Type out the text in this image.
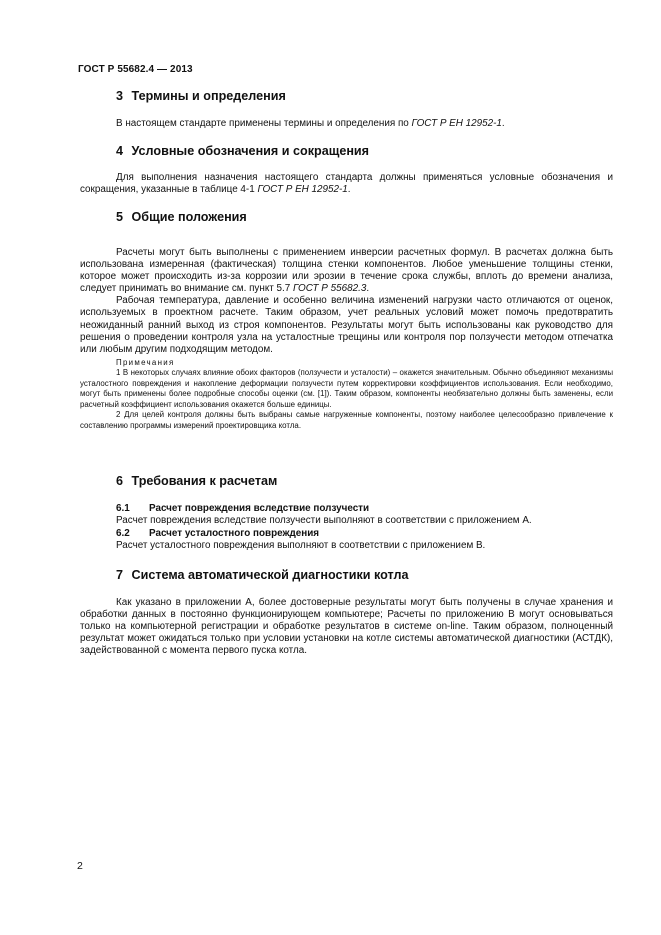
ГОСТ Р 55682.4 — 2013
3 Термины и определения

В настоящем стандарте применены термины и определения по ГОСТ Р ЕН 12952-1.

4 Условные обозначения и сокращения

Для выполнения назначения настоящего стандарта должны применяться условные обозначения и сокращения, указанные в таблице 4-1 ГОСТ Р ЕН 12952-1.

5 Общие положения

Расчеты могут быть выполнены с применением инверсии расчетных формул. В расчетах должна быть использована измеренная (фактическая) толщина стенки компонентов. Любое уменьшение толщины стенки, которое может происходить из-за коррозии или эрозии в течение срока службы, вплоть до времени анализа, следует принимать во внимание см. пункт 5.7 ГОСТ Р 55682.3.

Рабочая температура, давление и особенно величина изменений нагрузки часто отличаются от оценок, используемых в проектном расчете. Таким образом, учет реальных условий может помочь предотвратить неожиданный ранний выход из строя компонентов. Результаты могут быть использованы как руководство для решения о проведении контроля узла на усталостные трещины или контроля пор ползучести методом отпечатка или любым другим подходящим методом.

Примечания

1 В некоторых случаях влияние обоих факторов (ползучести и усталости) – окажется значительным. Обычно объединяют механизмы усталостного повреждения и накопление деформации ползучести путем корректировки коэффициентов использования. Если необходимо, могут быть применены более подробные способы оценки (см. [1]). Таким образом, компоненты необязательно должны быть заменены, если расчетный коэффициент использования окажется больше единицы.

2 Для целей контроля должны быть выбраны самые нагруженные компоненты, поэтому наиболее целесообразно привлечение к составлению программы измерений проектировщика котла.

6 Требования к расчетам
6.1 Расчет повреждения вследствие ползучести
Расчет повреждения вследствие ползучести выполняют в соответствии с приложением А.
6.2 Расчет усталостного повреждения
Расчет усталостного повреждения выполняют в соответствии с приложением В.
7 Система автоматической диагностики котла

Как указано в приложении А, более достоверные результаты могут быть получены в случае хранения и обработки данных в постоянно функционирующем компьютере; Расчеты по приложению В могут основываться только на компьютерной регистрации и обработке результатов в системе on-line. Таким образом, полноценный результат может ожидаться только при условии установки на котле системы автоматической диагностики (АСТДК), задействованной с момента первого пуска котла.

2
